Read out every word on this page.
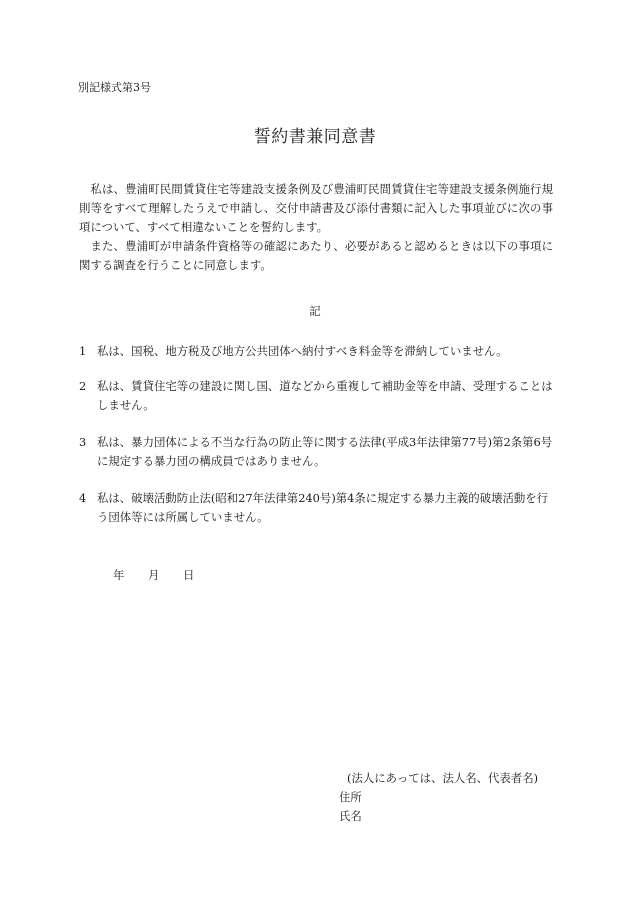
別記様式第3号
誓約書兼同意書

私は、豊浦町民間賃貸住宅等建設支援条例及び豊浦町民間賃貸住宅等建設支援条例施行規則等をすべて理解したうえで申請し、交付申請書及び添付書類に記入した事項並びに次の事項について、すべて相違ないことを誓約します。

また、豊浦町が申請条件資格等の確認にあたり、必要があると認めるときは以下の事項に関する調査を行うことに同意します。

記
1 私は、国税、地方税及び地方公共団体へ納付すべき料金等を滞納していません。
2 私は、賃貸住宅等の建設に関し国、道などから重複して補助金等を申請、受理することはしません。
3 私は、暴力団体による不当な行為の防止等に関する法律(平成3年法律第77号)第2条第6号に規定する暴力団の構成員ではありません。
4 私は、破壊活動防止法(昭和27年法律第240号)第4条に規定する暴力主義的破壊活動を行う団体等には所属していません。
年	月	日
(法人にあっては、法人名、代表者名)
住所
氏名
